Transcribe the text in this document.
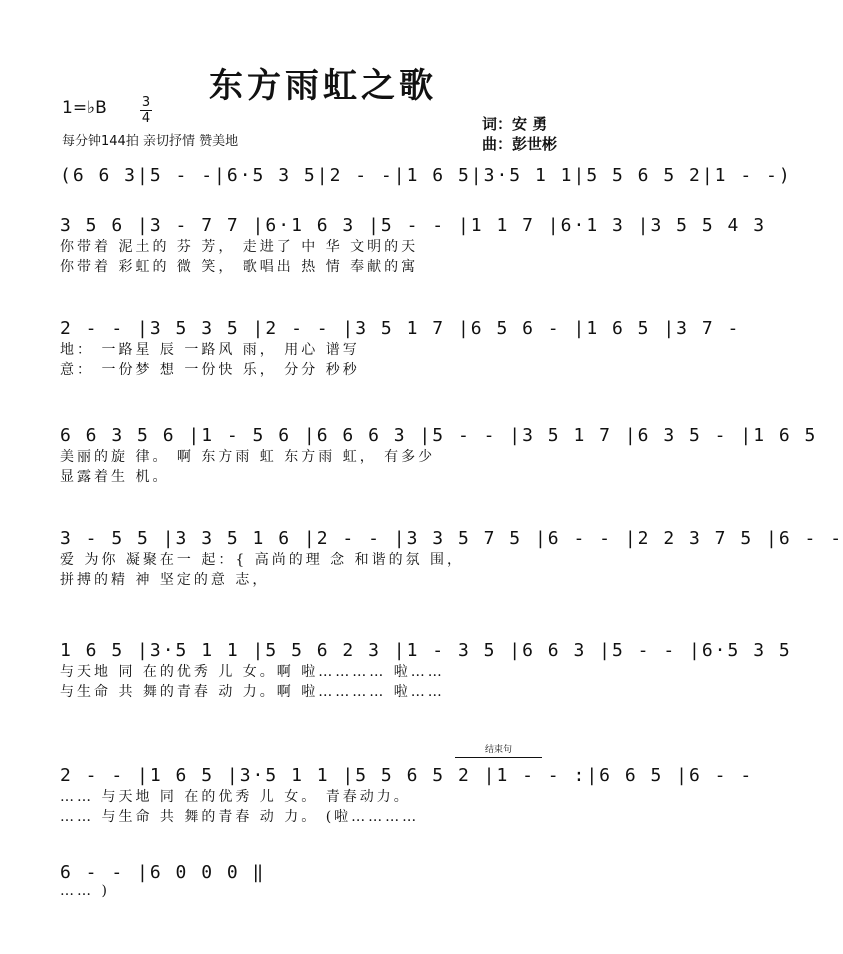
东方雨虹之歌
1=♭B	3
4
每分钟144拍 亲切抒情 赞美地
词：安 勇
曲：彭世彬
(6 6 3|5 - -|6·5 3 5|2 - -|1 6 5|3·5 1 1|5 5 6 5 2|1 - -)
3 5 6 |3 - 7 7 |6·1 6 3 |5 - - |1 1 7 |6·1 3 |3 5 5 4 3
你带着 泥土的 芬 芳， 走进了 中 华 文明的天
你带着 彩虹的 微 笑， 歌唱出 热 情 奉献的寓
2 - - |3 5 3 5 |2 - - |3 5 1 7 |6 5 6 - |1 6 5 |3 7 -
地： 一路星 辰 一路风 雨， 用心 谱写
意： 一份梦 想 一份快 乐， 分分 秒秒
6 6 3 5 6 |1 - 5 6 |6 6 6 3 |5 - - |3 5 1 7 |6 3 5 - |1 6 5
美丽的旋 律。 啊 东方雨 虹 东方雨 虹， 有多少
显露着生 机。
3 - 5 5 |3 3 5 1 6 |2 - - |3 3 5 7 5 |6 - - |2 2 3 7 5 |6 - -
爱 为你 凝聚在一 起：{ 高尚的理 念 和谐的氛 围，
拼搏的精 神 坚定的意 志，
1 6 5 |3·5 1 1 |5 5 6 2 3 |1 - 3 5 |6 6 3 |5 - - |6·5 3 5
与天地 同 在的优秀 儿 女。啊 啦………… 啦……
与生命 共 舞的青春 动 力。啊 啦………… 啦……
结束句
2 - - |1 6 5 |3·5 1 1 |5 5 6 5 2 |1 - - :|6 6 5 |6 - -
…… 与天地 同 在的优秀 儿 女。 青春动力。
…… 与生命 共 舞的青春 动 力。 (啦…………
6 - - |6 0 0 0 ‖
…… )
